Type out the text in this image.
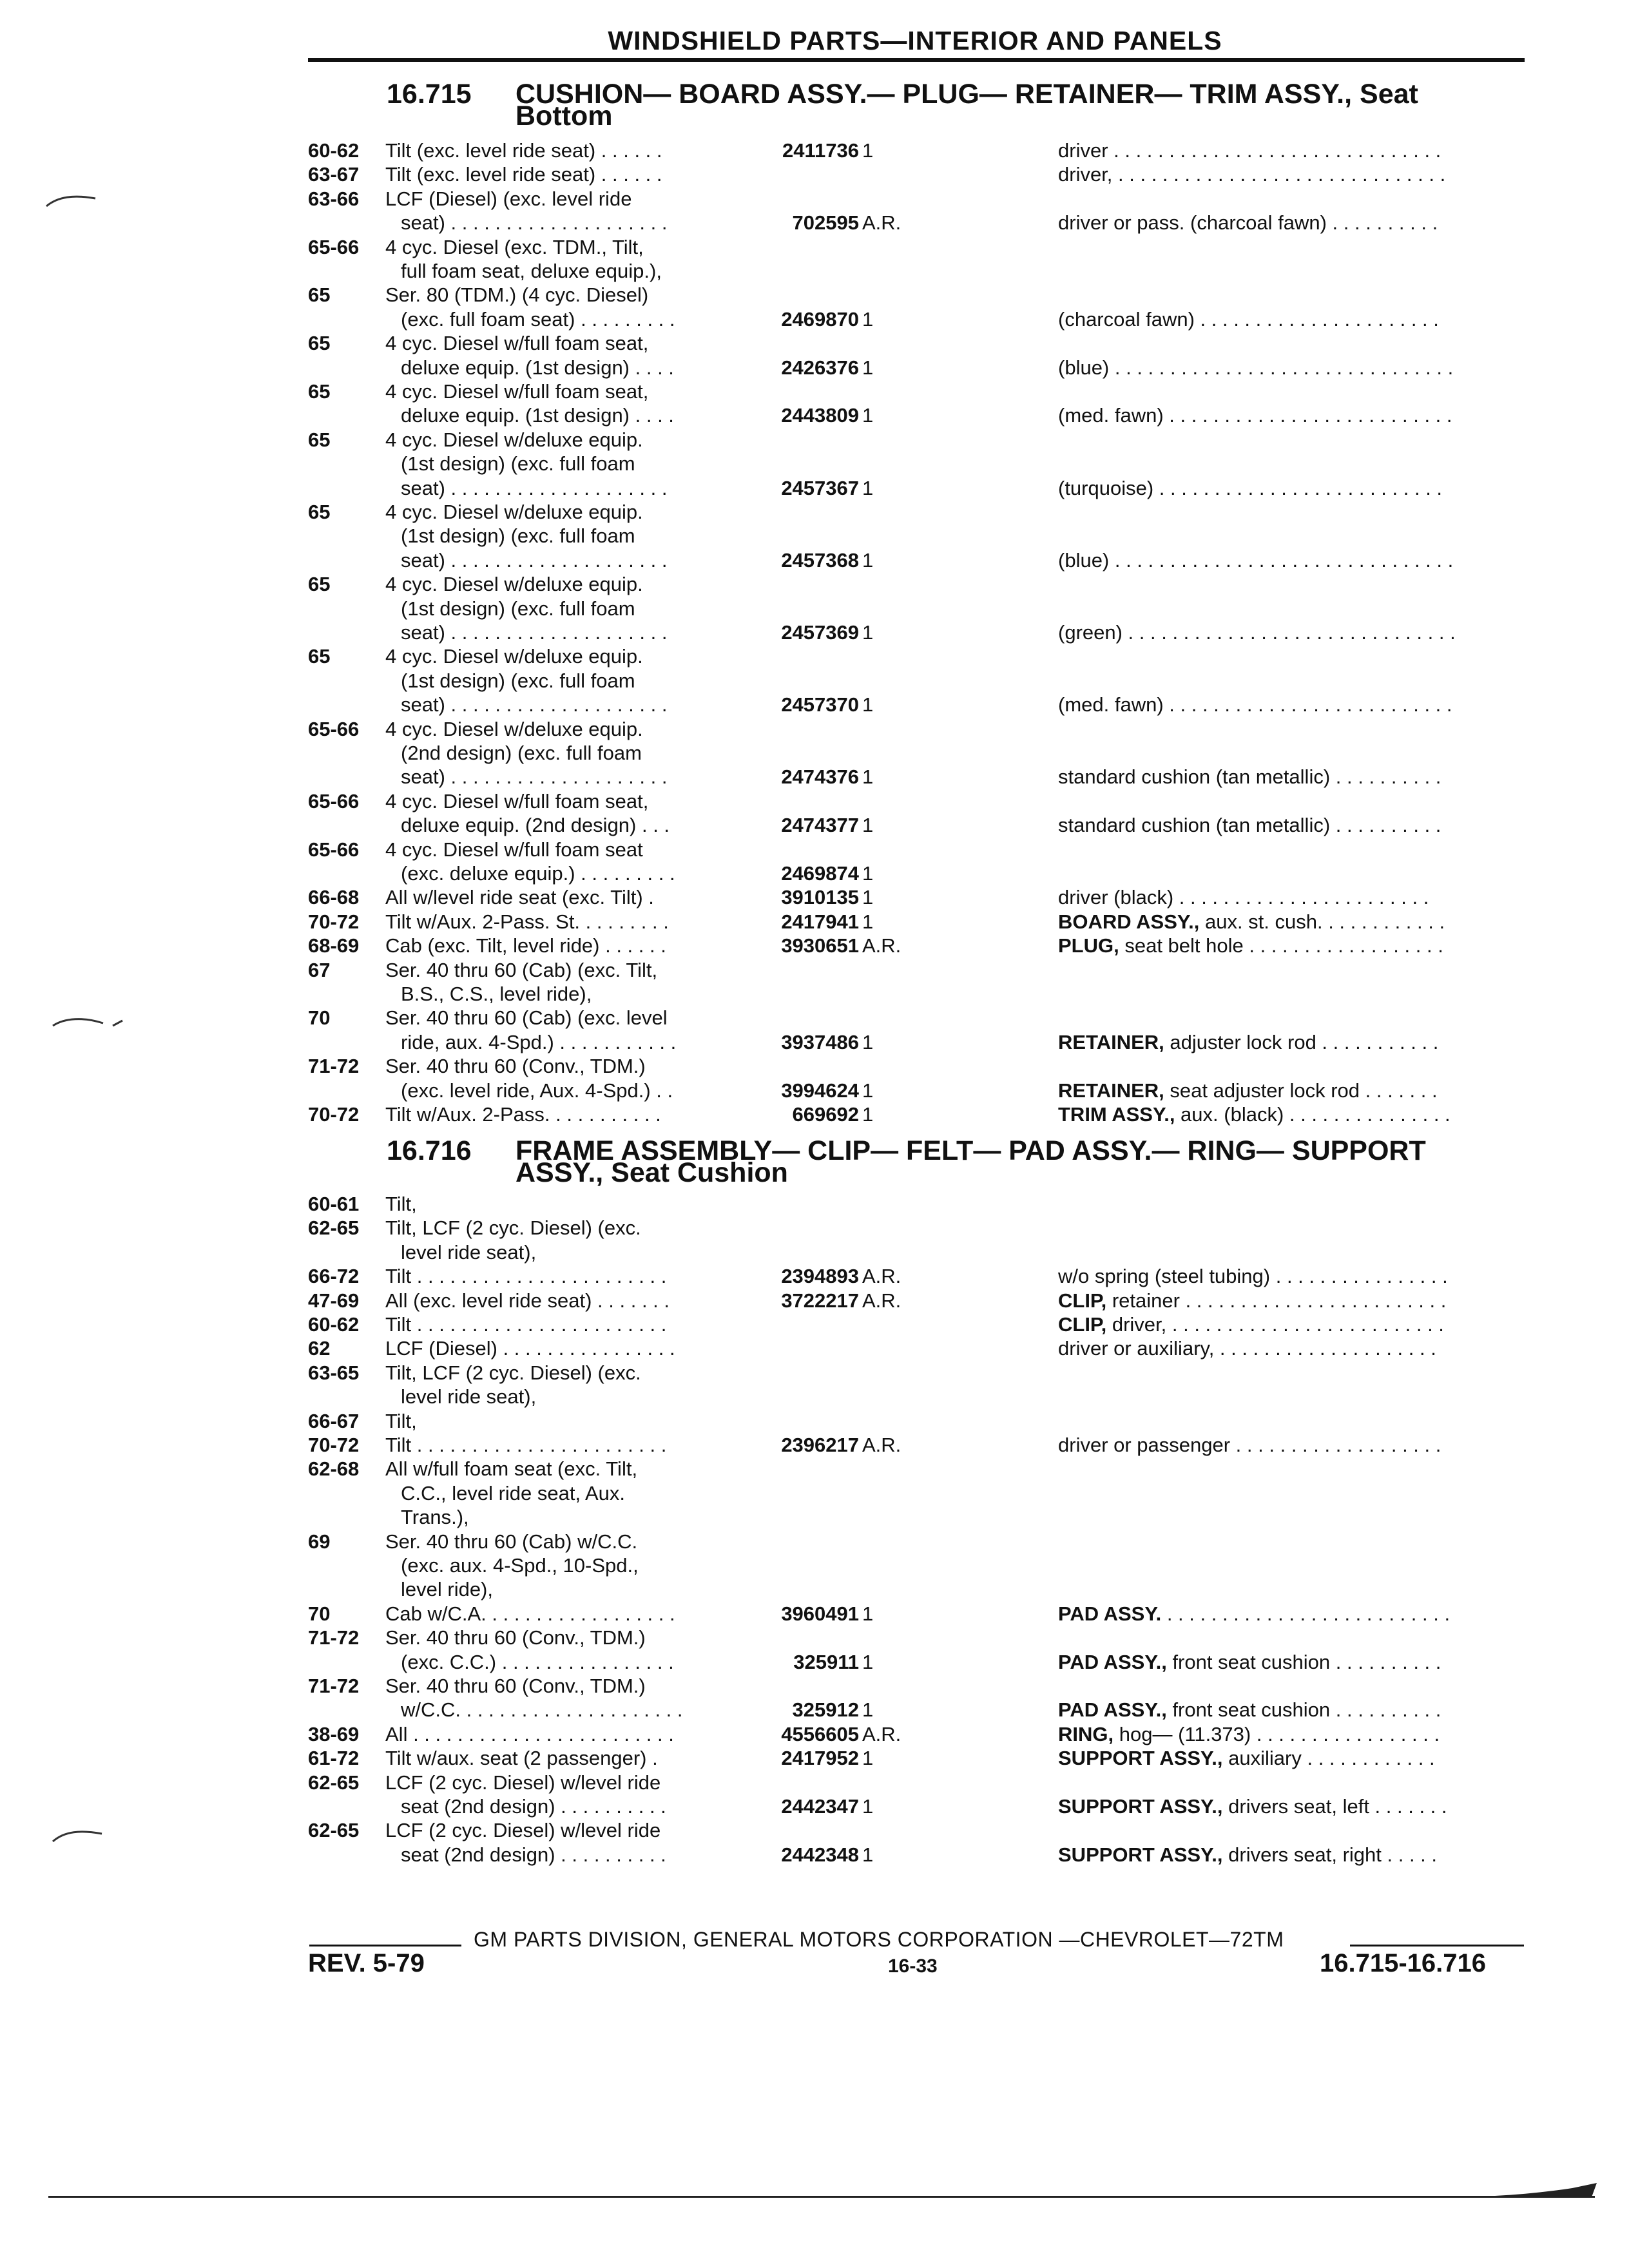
WINDSHIELD PARTS—INTERIOR AND PANELS
16.715 CUSHION— BOARD ASSY.— PLUG— RETAINER— TRIM ASSY., Seat
Bottom
60-62 Tilt (exc. level ride seat) . . . . . .	2411736 1	driver . . . . . . . . . . . . . . . . . . . . . . . . . . . . . .
63-67 Tilt (exc. level ride seat) . . . . . .	driver, . . . . . . . . . . . . . . . . . . . . . . . . . . . . . .
63-66 LCF (Diesel) (exc. level ride
seat) . . . . . . . . . . . . . . . . . . . .	702595 A.R.	driver or pass. (charcoal fawn) . . . . . . . . . .
65-66 4 cyc. Diesel (exc. TDM., Tilt,
full foam seat, deluxe equip.),
65	Ser. 80 (TDM.) (4 cyc. Diesel)
(exc. full foam seat) . . . . . . . . .	2469870 1	(charcoal fawn) . . . . . . . . . . . . . . . . . . . . . .
65	4 cyc. Diesel w/full foam seat,
deluxe equip. (1st design) . . . .	2426376 1	(blue) . . . . . . . . . . . . . . . . . . . . . . . . . . . . . . .
65	4 cyc. Diesel w/full foam seat,
deluxe equip. (1st design) . . . .	2443809 1	(med. fawn) . . . . . . . . . . . . . . . . . . . . . . . . . .
65	4 cyc. Diesel w/deluxe equip.
(1st design) (exc. full foam
seat) . . . . . . . . . . . . . . . . . . . .	2457367 1	(turquoise) . . . . . . . . . . . . . . . . . . . . . . . . . .
65	4 cyc. Diesel w/deluxe equip.
(1st design) (exc. full foam
seat) . . . . . . . . . . . . . . . . . . . .	2457368 1	(blue) . . . . . . . . . . . . . . . . . . . . . . . . . . . . . . .
65	4 cyc. Diesel w/deluxe equip.
(1st design) (exc. full foam
seat) . . . . . . . . . . . . . . . . . . . .	2457369 1	(green) . . . . . . . . . . . . . . . . . . . . . . . . . . . . . .
65	4 cyc. Diesel w/deluxe equip.
(1st design) (exc. full foam
seat) . . . . . . . . . . . . . . . . . . . .	2457370 1	(med. fawn) . . . . . . . . . . . . . . . . . . . . . . . . . .
65-66 4 cyc. Diesel w/deluxe equip.
(2nd design) (exc. full foam
seat) . . . . . . . . . . . . . . . . . . . .	2474376 1	standard cushion (tan metallic) . . . . . . . . . .
65-66 4 cyc. Diesel w/full foam seat,
deluxe equip. (2nd design) . . .	2474377 1	standard cushion (tan metallic) . . . . . . . . . .
65-66 4 cyc. Diesel w/full foam seat
(exc. deluxe equip.) . . . . . . . . .	2469874 1
66-68 All w/level ride seat (exc. Tilt) .	3910135 1	driver (black) . . . . . . . . . . . . . . . . . . . . . . .
70-72 Tilt w/Aux. 2-Pass. St. . . . . . . . .	2417941 1	BOARD ASSY., aux. st. cush. . . . . . . . . . . .
68-69 Cab (exc. Tilt, level ride) . . . . . .	3930651 A.R.	PLUG, seat belt hole . . . . . . . . . . . . . . . . . .
67	Ser. 40 thru 60 (Cab) (exc. Tilt,
B.S., C.S., level ride),
70	Ser. 40 thru 60 (Cab) (exc. level
ride, aux. 4-Spd.) . . . . . . . . . . .	3937486 1	RETAINER, adjuster lock rod . . . . . . . . . . .
71-72 Ser. 40 thru 60 (Conv., TDM.)
(exc. level ride, Aux. 4-Spd.) . .	3994624 1	RETAINER, seat adjuster lock rod . . . . . . .
70-72 Tilt w/Aux. 2-Pass. . . . . . . . . . .	669692 1	TRIM ASSY., aux. (black) . . . . . . . . . . . . . . .
16.716 FRAME ASSEMBLY— CLIP— FELT— PAD ASSY.— RING— SUPPORT
ASSY., Seat Cushion
60-61 Tilt,
62-65 Tilt, LCF (2 cyc. Diesel) (exc.
level ride seat),
66-72 Tilt . . . . . . . . . . . . . . . . . . . . . . .	2394893 A.R.	w/o spring (steel tubing) . . . . . . . . . . . . . . . .
47-69 All (exc. level ride seat) . . . . . . .	3722217 A.R.	CLIP, retainer . . . . . . . . . . . . . . . . . . . . . . . .
60-62 Tilt . . . . . . . . . . . . . . . . . . . . . . .	CLIP, driver, . . . . . . . . . . . . . . . . . . . . . . . . .
62	LCF (Diesel) . . . . . . . . . . . . . . . .	driver or auxiliary, . . . . . . . . . . . . . . . . . . . .
63-65 Tilt, LCF (2 cyc. Diesel) (exc.
level ride seat),
66-67 Tilt,
70-72 Tilt . . . . . . . . . . . . . . . . . . . . . . .	2396217 A.R.	driver or passenger . . . . . . . . . . . . . . . . . . .
62-68 All w/full foam seat (exc. Tilt,
C.C., level ride seat, Aux.
Trans.),
69	Ser. 40 thru 60 (Cab) w/C.C.
(exc. aux. 4-Spd., 10-Spd.,
level ride),
70	Cab w/C.A. . . . . . . . . . . . . . . . . .	3960491 1	PAD ASSY. . . . . . . . . . . . . . . . . . . . . . . . . . .
71-72 Ser. 40 thru 60 (Conv., TDM.)
(exc. C.C.) . . . . . . . . . . . . . . . .	325911 1	PAD ASSY., front seat cushion . . . . . . . . . .
71-72 Ser. 40 thru 60 (Conv., TDM.)
w/C.C. . . . . . . . . . . . . . . . . . . . .	325912 1	PAD ASSY., front seat cushion . . . . . . . . . .
38-69 All . . . . . . . . . . . . . . . . . . . . . . . .	4556605 A.R.	RING, hog— (11.373) . . . . . . . . . . . . . . . . .
61-72 Tilt w/aux. seat (2 passenger) .	2417952 1	SUPPORT ASSY., auxiliary . . . . . . . . . . . .
62-65 LCF (2 cyc. Diesel) w/level ride
seat (2nd design) . . . . . . . . . .	2442347 1	SUPPORT ASSY., drivers seat, left . . . . . . .
62-65 LCF (2 cyc. Diesel) w/level ride
seat (2nd design) . . . . . . . . . .	2442348 1	SUPPORT ASSY., drivers seat, right . . . . .
GM PARTS DIVISION, GENERAL MOTORS CORPORATION —CHEVROLET—72TM
REV. 5-79	16-33	16.715-16.716
